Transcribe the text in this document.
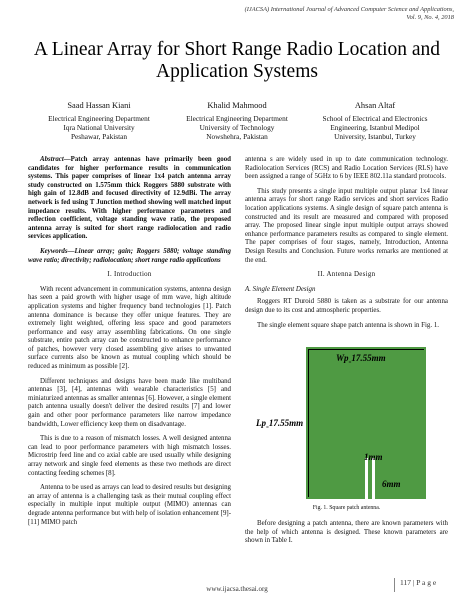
(IJACSA) International Journal of Advanced Computer Science and Applications,
Vol. 9, No. 4, 2018
A Linear Array for Short Range Radio Location and
Application Systems
Saad Hassan Kiani
Electrical Engineering Department
Iqra National University
Peshawar, Pakistan
Khalid Mahmood
Electrical Engineering Department
University of Technology
Nowshehra, Pakistan
Ahsan Altaf
School of Electrical and Electronics
Engineering, Istanbul Medipol
University, Istanbul, Turkey

Abstract—Patch array antennas have primarily been good candidates for higher performance results in communication systems. This paper comprises of linear 1x4 patch antenna array study constructed on 1.575mm thick Roggers 5880 substrate with high gain of 12.8dB and focused directivity of 12.9dBi. The array network is fed using T Junction method showing well matched input impedance results. With higher performance parameters and reflection coefficient, voltage standing wave ratio, the proposed antenna array is suited for short range radiolocation and radio services application.

Keywords—Linear array; gain; Roggers 5880; voltage standing wave ratio; directivity; radiolocation; short range radio applications

I. Introduction

With recent advancement in communication systems, antenna design has seen a paid growth with higher usage of mm wave, high altitude application systems and higher frequency band technologies [1]. Patch antenna dominance is because they offer unique features. They are extremely light weighted, offering less space and good parameters performance and easy array assembling fabrications. On one single substrate, entire patch array can be constructed to enhance performance of patches, however very closed assembling give arises to unwanted surface currents also be known as mutual coupling which should be reduced as minimum as possible [2].

Different techniques and designs have been made like multiband antennas [3], [4], antennas with wearable characteristics [5] and miniaturized antennas as smaller antennas [6]. However, a single element patch antenna usually doesn't deliver the desired results [7] and lower gain and other poor performance parameters like narrow impedance bandwidth, Lower efficiency keep them on disadvantage.

This is due to a reason of mismatch losses. A well designed antenna can lead to poor performance parameters with high mismatch losses. Microstrip feed line and co axial cable are used usually while designing array network and single feed elements as these two methods are direct contacting feeding schemes [8].

Antenna to be used as arrays can lead to desired results but designing an array of antenna is a challenging task as their mutual coupling effect especially in multiple input multiple output (MIMO) antennas can degrade antenna performance but with help of isolation enhancement [9]-[11] MIMO patch

antenna s are widely used in up to date communication technology. Radiolocation Services (RCS) and Radio Location Services (RLS) have been assigned a range of 5GHz to 6 by IEEE 802.11a standard protocols.

This study presents a single input multiple output planar 1x4 linear antenna arrays for short range Radio services and short services Radio location applications systems. A single design of square patch antenna is constructed and its result are measured and compared with proposed array. The proposed linear single input multiple output arrays showed enhance performance parameters results as compared to single element. The paper comprises of four stages, namely, Introduction, Antenna Design Results and Conclusion. Future works remarks are mentioned at the end.

II. Antenna Design
A. Single Element Design

Roggers RT Duroid 5880 is taken as a substrate for our antenna design due to its cost and atmospheric properties.

The single element square shape patch antenna is shown in Fig. 1.

$Wp_=17.55mm$
$Lp_=17.55mm$
1mm
6mm
Fig. 1. Square patch antenna.

Before designing a patch antenna, there are known parameters with the help of which antenna is designed. These known parameters are shown in Table I.

www.ijacsa.thesai.org
117 | P a g e
